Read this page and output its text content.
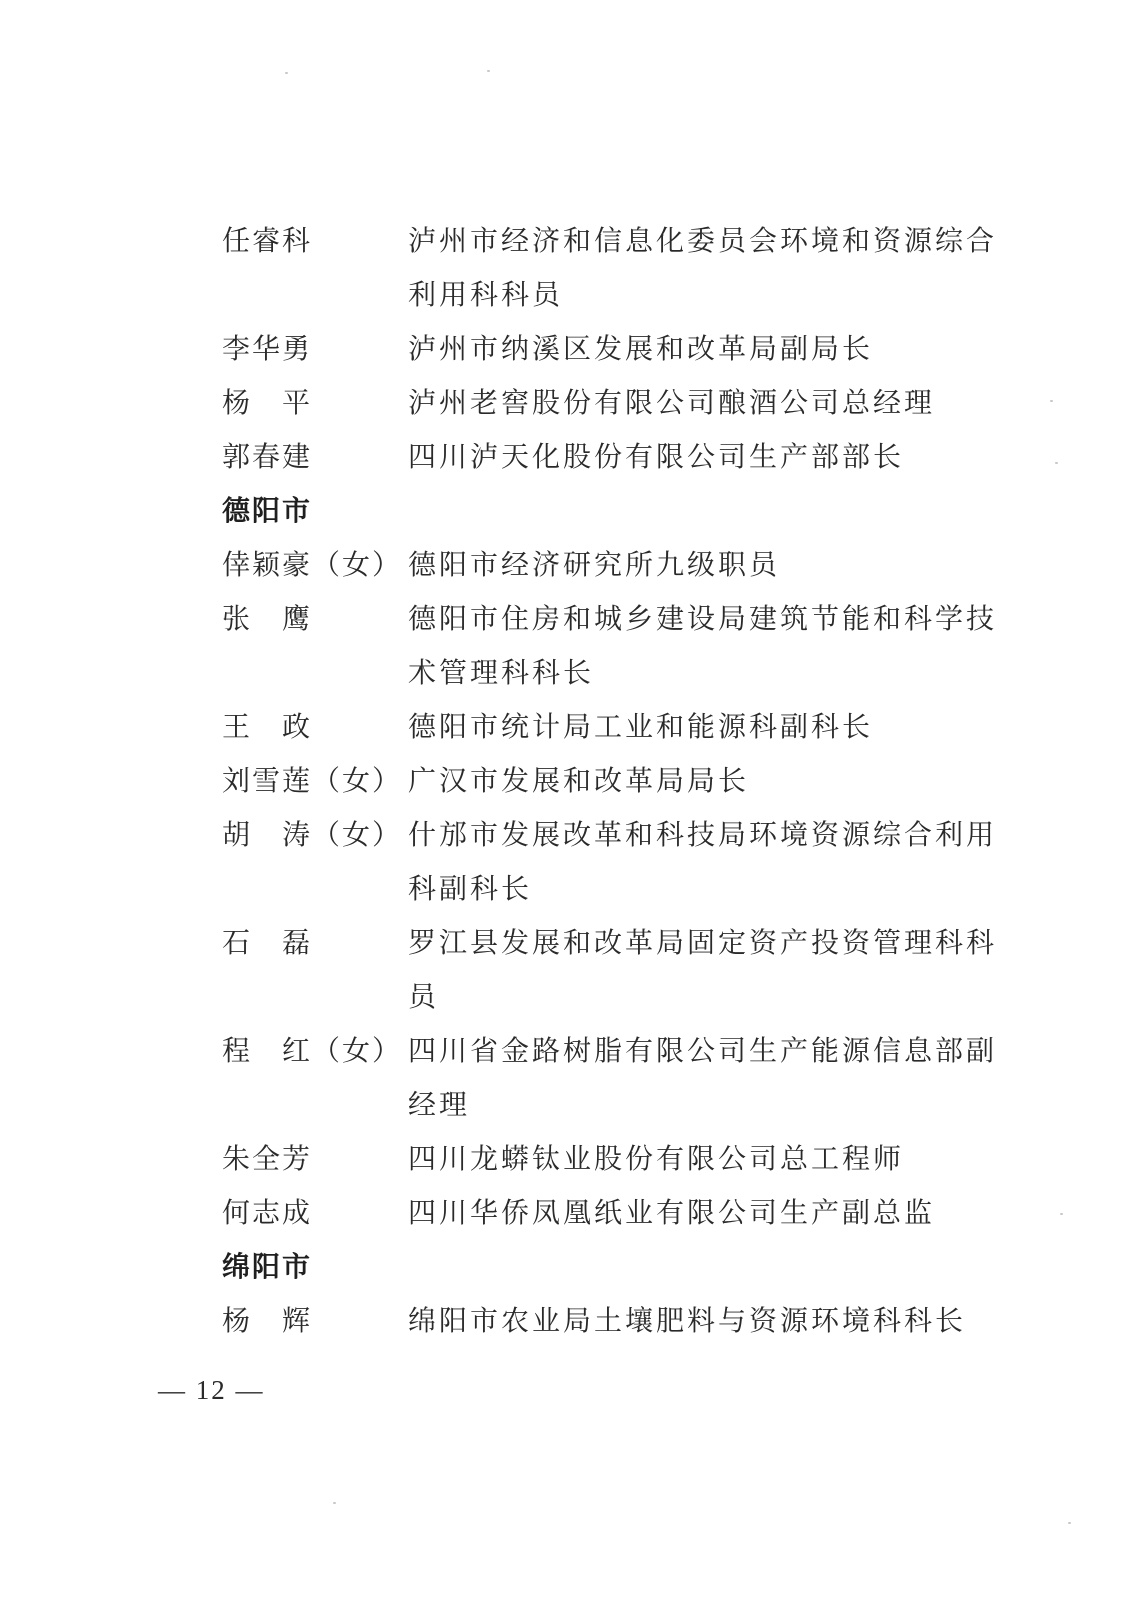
任睿科	泸州市经济和信息化委员会环境和资源综合利用科科员
李华勇	泸州市纳溪区发展和改革局副局长
杨　平	泸州老窖股份有限公司酿酒公司总经理
郭春建	四川泸天化股份有限公司生产部部长
德阳市
倖颖豪（女） 德阳市经济研究所九级职员
张　鹰	德阳市住房和城乡建设局建筑节能和科学技术管理科科长
王　政	德阳市统计局工业和能源科副科长
刘雪莲（女） 广汉市发展和改革局局长
胡　涛（女） 什邡市发展改革和科技局环境资源综合利用科副科长
石　磊	罗江县发展和改革局固定资产投资管理科科员
程　红（女） 四川省金路树脂有限公司生产能源信息部副经理
朱全芳	四川龙蟒钛业股份有限公司总工程师
何志成	四川华侨凤凰纸业有限公司生产副总监
绵阳市
杨　辉	绵阳市农业局土壤肥料与资源环境科科长
— 12 —
